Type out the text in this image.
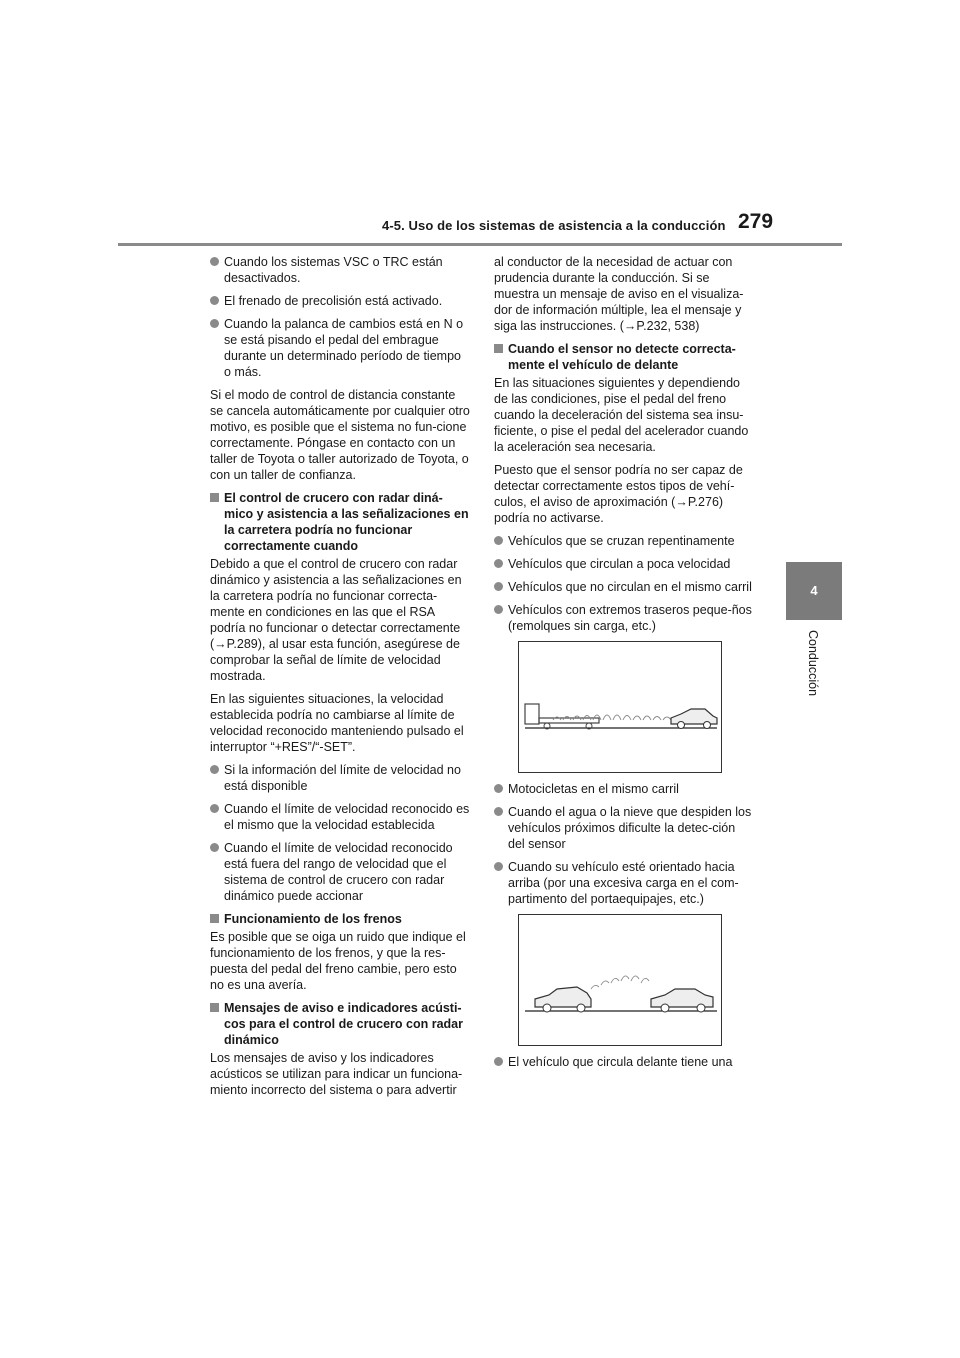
4-5. Uso de los sistemas de asistencia a la conducción 279
4
Conducción
Cuando los sistemas VSC o TRC están desactivados.
El frenado de precolisión está activado.
Cuando la palanca de cambios está en N o se está pisando el pedal del embrague durante un determinado período de tiempo o más.

Si el modo de control de distancia constante se cancela automáticamente por cualquier otro motivo, es posible que el sistema no fun-cione correctamente. Póngase en contacto con un taller de Toyota o taller autorizado de Toyota, o con un taller de confianza.

El control de crucero con radar diná-mico y asistencia a las señalizaciones en la carretera podría no funcionar correctamente cuando

Debido a que el control de crucero con radar dinámico y asistencia a las señalizaciones en la carretera podría no funcionar correcta-mente en condiciones en las que el RSA podría no funcionar o detectar correctamente (→P.289), al usar esta función, asegúrese de comprobar la señal de límite de velocidad mostrada.

En las siguientes situaciones, la velocidad establecida podría no cambiarse al límite de velocidad reconocido manteniendo pulsado el interruptor “+RES”/“-SET”.

Si la información del límite de velocidad no está disponible
Cuando el límite de velocidad reconocido es el mismo que la velocidad establecida
Cuando el límite de velocidad reconocido está fuera del rango de velocidad que el sistema de control de crucero con radar dinámico puede accionar
Funcionamiento de los frenos

Es posible que se oiga un ruido que indique el funcionamiento de los frenos, y que la res-puesta del pedal del freno cambie, pero esto no es una avería.

Mensajes de aviso e indicadores acústi-cos para el control de crucero con radar dinámico

Los mensajes de aviso y los indicadores acústicos se utilizan para indicar un funciona-miento incorrecto del sistema o para advertir

al conductor de la necesidad de actuar con prudencia durante la conducción. Si se muestra un mensaje de aviso en el visualiza-dor de información múltiple, lea el mensaje y siga las instrucciones. (→P.232, 538)

Cuando el sensor no detecte correcta-mente el vehículo de delante

En las situaciones siguientes y dependiendo de las condiciones, pise el pedal del freno cuando la deceleración del sistema sea insu-ficiente, o pise el pedal del acelerador cuando la aceleración sea necesaria.

Puesto que el sensor podría no ser capaz de detectar correctamente estos tipos de vehí-culos, el aviso de aproximación (→P.276) podría no activarse.

Vehículos que se cruzan repentinamente
Vehículos que circulan a poca velocidad
Vehículos que no circulan en el mismo carril
Vehículos con extremos traseros peque-ños (remolques sin carga, etc.)
Motocicletas en el mismo carril
Cuando el agua o la nieve que despiden los vehículos próximos dificulte la detec-ción del sensor
Cuando su vehículo esté orientado hacia arriba (por una excesiva carga en el com-partimento del portaequipajes, etc.)
El vehículo que circula delante tiene una
